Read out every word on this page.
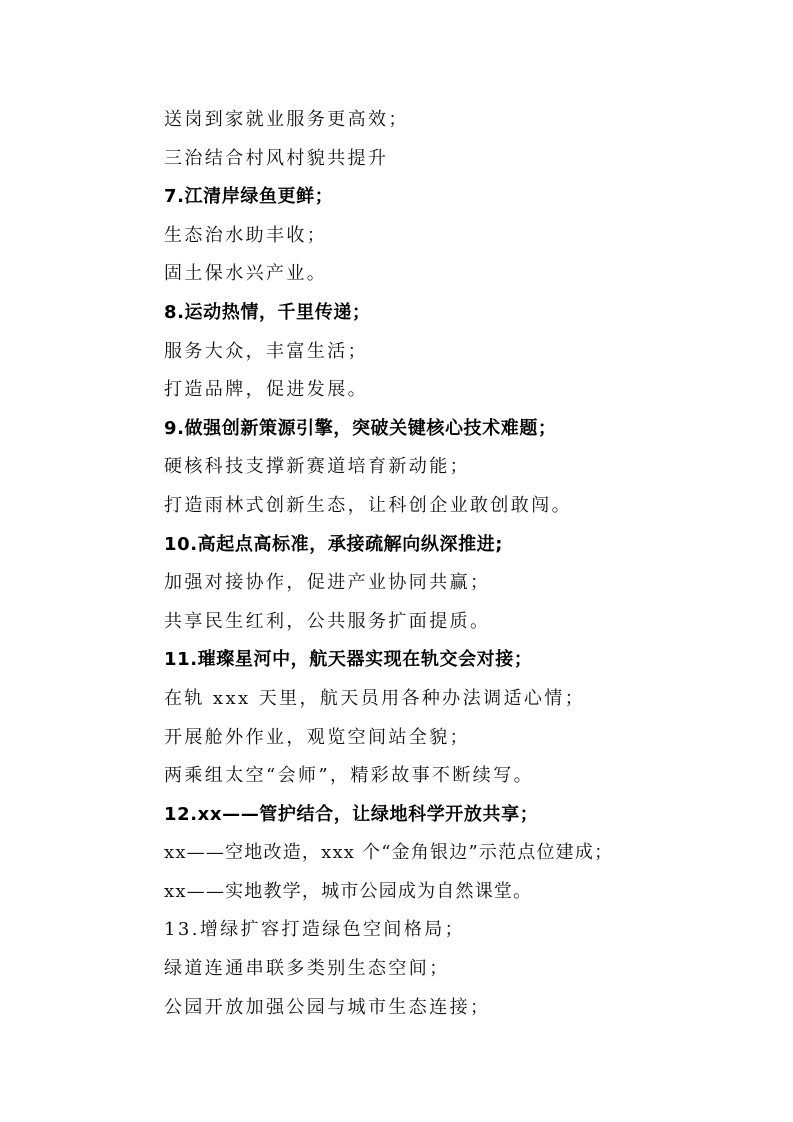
送岗到家就业服务更高效；
三治结合村风村貌共提升
7.江清岸绿鱼更鲜；
生态治水助丰收；
固土保水兴产业。
8.运动热情，千里传递；
服务大众，丰富生活；
打造品牌，促进发展。
9.做强创新策源引擎，突破关键核心技术难题；
硬核科技支撑新赛道培育新动能；
打造雨林式创新生态，让科创企业敢创敢闯。
10.高起点高标准，承接疏解向纵深推进;
加强对接协作，促进产业协同共赢；
共享民生红利，公共服务扩面提质。
11.璀璨星河中，航天器实现在轨交会对接；
在轨 xxx 天里，航天员用各种办法调适心情；
开展舱外作业，观览空间站全貌；
两乘组太空“会师”，精彩故事不断续写。
12.xx——管护结合，让绿地科学开放共享；
xx——空地改造，xxx 个“金角银边”示范点位建成；
xx——实地教学，城市公园成为自然课堂。
13.增绿扩容打造绿色空间格局；
绿道连通串联多类别生态空间；
公园开放加强公园与城市生态连接；
